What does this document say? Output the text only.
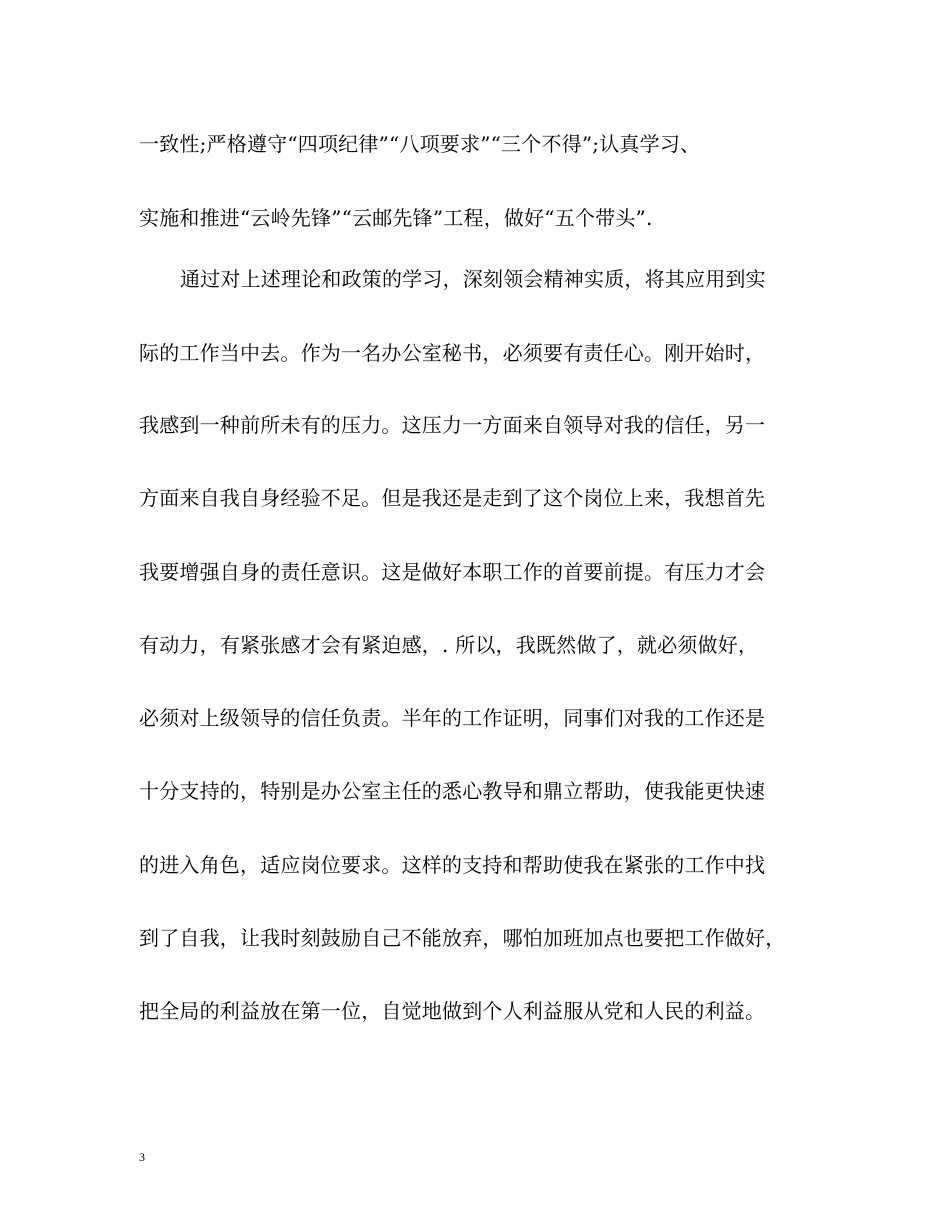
一致性;严格遵守“四项纪律”“八项要求”“三个不得”;认真学习、
实施和推进“云岭先锋”“云邮先锋”工程，做好“五个带头”.
通过对上述理论和政策的学习，深刻领会精神实质，将其应用到实
际的工作当中去。作为一名办公室秘书，必须要有责任心。刚开始时，
我感到一种前所未有的压力。这压力一方面来自领导对我的信任，另一
方面来自我自身经验不足。但是我还是走到了这个岗位上来，我想首先
我要增强自身的责任意识。这是做好本职工作的首要前提。有压力才会
有动力，有紧张感才会有紧迫感，. 所以，我既然做了，就必须做好，
必须对上级领导的信任负责。半年的工作证明，同事们对我的工作还是
十分支持的，特别是办公室主任的悉心教导和鼎立帮助，使我能更快速
的进入角色，适应岗位要求。这样的支持和帮助使我在紧张的工作中找
到了自我，让我时刻鼓励自己不能放弃，哪怕加班加点也要把工作做好，
把全局的利益放在第一位，自觉地做到个人利益服从党和人民的利益。
3
